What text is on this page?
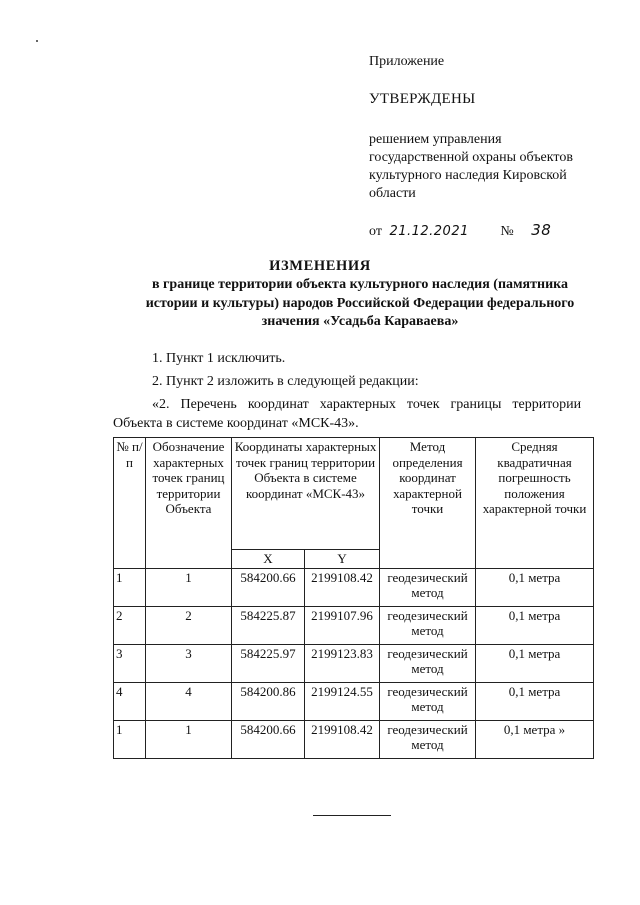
Приложение
УТВЕРЖДЕНЫ
решением управления
государственной охраны объектов
культурного наследия Кировской
области
от 21.12.2021 № 38
ИЗМЕНЕНИЯ
в границе территории объекта культурного наследия (памятника
истории и культуры) народов Российской Федерации федерального
значения «Усадьба Караваева»
1. Пункт 1 исключить.
2. Пункт 2 изложить в следующей редакции:
«2.  Перечень  координат  характерных  точек  границы  территории
Объекта в системе координат «МСК-43».
№ п/п	Обозначение характерных точек границ территории Объекта	Координаты характерных точек границ территории Объекта в системе координат «МСК-43»		Метод определения координат характерной точки	Средняя квадратичная погрешность положения характерной точки
		X	Y		
1	1	584200.66	2199108.42	геодезический метод	0,1 метра
2	2	584225.87	2199107.96	геодезический метод	0,1 метра
3	3	584225.97	2199123.83	геодезический метод	0,1 метра
4	4	584200.86	2199124.55	геодезический метод	0,1 метра
1	1	584200.66	2199108.42	геодезический метод	0,1 метра »
